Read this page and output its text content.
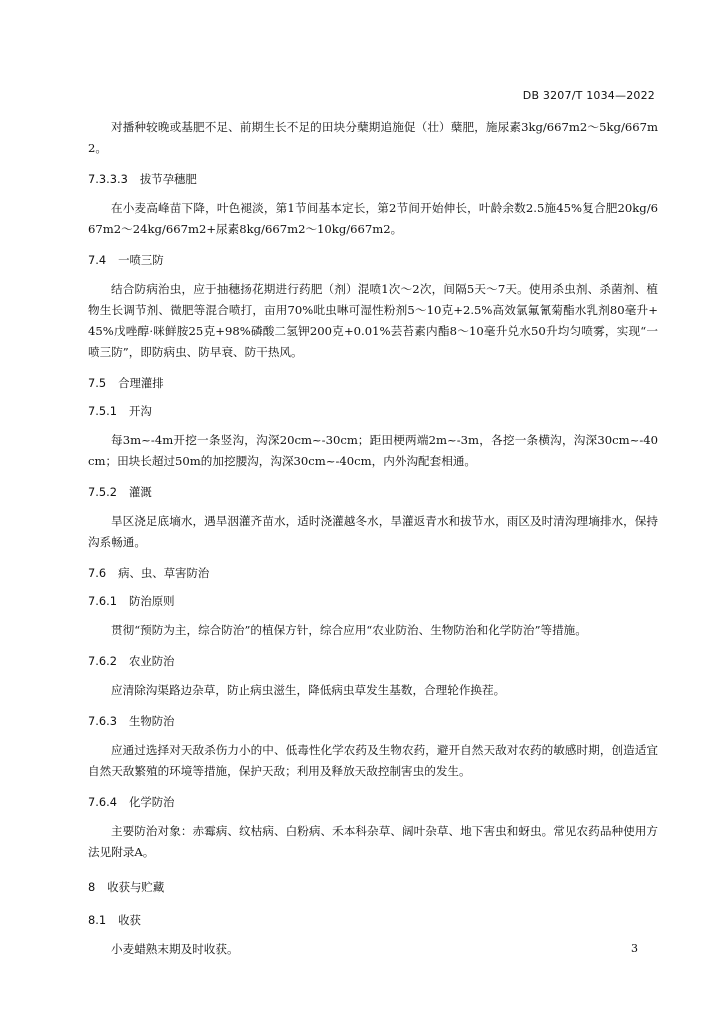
DB 3207/T 1034—2022

对播种较晚或基肥不足、前期生长不足的田块分蘖期追施促（壮）蘖肥，施尿素3kg/667m2～5kg/667m2。

7.3.3.3 拔节孕穗肥

在小麦高峰苗下降，叶色褪淡，第1节间基本定长，第2节间开始伸长，叶龄余数2.5施45%复合肥20kg/667m2～24kg/667m2+尿素8kg/667m2～10kg/667m2。

7.4 一喷三防

结合防病治虫，应于抽穗扬花期进行药肥（剂）混喷1次～2次，间隔5天～7天。使用杀虫剂、杀菌剂、植物生长调节剂、微肥等混合喷打，亩用70%吡虫啉可湿性粉剂5～10克+2.5%高效氯氟氰菊酯水乳剂80毫升+45%戊唑醇·咪鲜胺25克+98%磷酸二氢钾200克+0.01%芸苔素内酯8～10毫升兑水50升均匀喷雾，实现“一喷三防”，即防病虫、防早衰、防干热风。

7.5 合理灌排
7.5.1 开沟

每3m~-4m开挖一条竖沟，沟深20cm~-30cm；距田梗两端2m~-3m，各挖一条横沟，沟深30cm~-40cm；田块长超过50m的加挖腰沟，沟深30cm~-40cm，内外沟配套相通。

7.5.2 灌溉

旱区浇足底墒水，遇旱洇灌齐苗水，适时浇灌越冬水，旱灌返青水和拔节水，雨区及时清沟理墒排水，保持沟系畅通。

7.6 病、虫、草害防治
7.6.1 防治原则

贯彻“预防为主，综合防治”的植保方针，综合应用“农业防治、生物防治和化学防治”等措施。

7.6.2 农业防治

应清除沟渠路边杂草，防止病虫滋生，降低病虫草发生基数，合理轮作换茬。

7.6.3 生物防治

应通过选择对天敌杀伤力小的中、低毒性化学农药及生物农药，避开自然天敌对农药的敏感时期，创造适宜自然天敌繁殖的环境等措施，保护天敌；利用及释放天敌控制害虫的发生。

7.6.4 化学防治

主要防治对象：赤霉病、纹枯病、白粉病、禾本科杂草、阔叶杂草、地下害虫和蚜虫。常见农药品种使用方法见附录A。

8 收获与贮藏
8.1 收获

小麦蜡熟末期及时收获。	3
